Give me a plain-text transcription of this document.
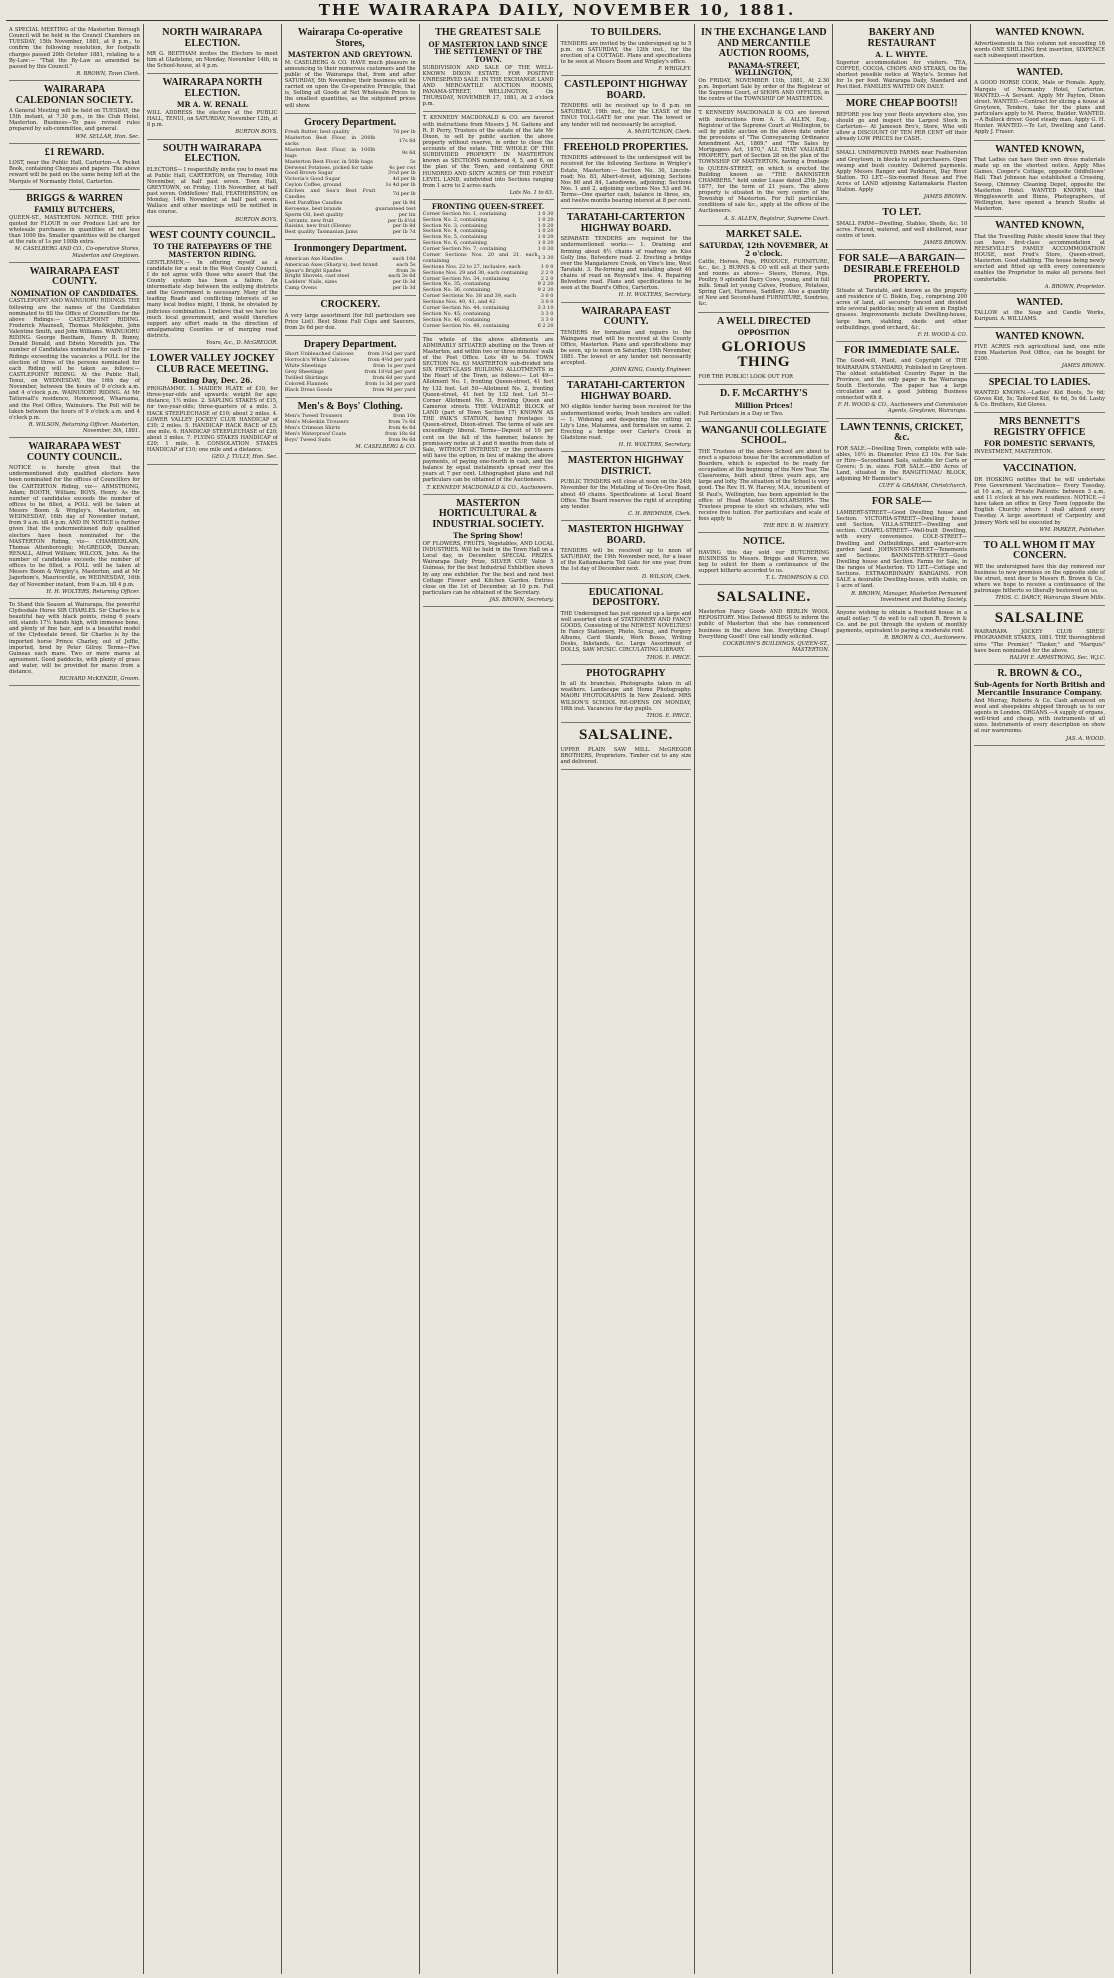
THE WAIRARAPA DAILY, NOVEMBER 10, 1881.

A SPECIAL MEETING of the Masterton Borough Council will be held in the Council Chambers on TUESDAY, 15th November, 1881, at 8 p.m., to confirm the following resolution, for footpath charges passed 20th October 1881, relating to a By-Law:— "That the By-Law as amended be passed by this Council."

R. BROWN, Town Clerk.
WAIRARAPA CALEDONIAN SOCIETY.

A General Meeting will be held on TUESDAY, the 15th instant, at 7.30 p.m., in the Club Hotel, Masterton. Business—To pass revised rules prepared by sub-committee, and general.

WM. SELLAR, Hon. Sec.
£1 REWARD.

LOST, near the Public Hall, Carterton—A Pocket Book, containing Cheques and papers. The above reward will be paid on the same being left at the Marquis of Normanby Hotel, Carterton.

BRIGGS & WARREN
FAMILY BUTCHERS,

QUEEN-ST., MASTERTON. NOTICE. THE price quoted for FLOUR in our Produce List are for wholesale purchases in quantities of not less than 1000 lbs. Smaller quantities will be charged at the rate of 1s per 100lb extra.

M. CASELBERG AND CO., Co-operative Stores, Masterton and Greytown.
WAIRARAPA EAST COUNTY.
NOMINATION OF CANDIDATES.

CASTLEPOINT AND WAINUIORU RIDINGS. THE following are the names of the Candidates nominated to fill the Office of Councillors for the above Ridings:— CASTLEPOINT RIDING. Frederick Maunsell, Thomas Meiklejohn, John Valentine Smith, and John Williams. WAINUIORU RIDING. George Beetham, Henry B. Bunny, Donald Donald, and Edwin Meredith jun. The number of Candidates nominated for each of the Ridings exceeding the vacancies a POLL for the election of three of the persons nominated for each Riding will be taken as follows:— CASTLEPOINT RIDING. At the Public Hall, Tenui, on WEDNESDAY, the 16th day of November, between the hours of 9 o'clock a.m. and 4 o'clock p.m. WAINUIORU RIDING. At Mr Tattersall's residence, Homewood, Whareama, and the Post Office, Wainuioru. The Poll will be taken between the hours of 9 o'clock a.m. and 4 o'clock p.m.

R. WILSON, Returning Officer. Masterton, November, 5th, 1881.
WAIRARAPA WEST COUNTY COUNCIL.

NOTICE is hereby given that the undermentioned duly qualified electors have been nominated for the offices of Councillors for the CARTERTON Riding, viz— ARMSTRONG, Adam; BOOTH, William; BOYS, Henry. As the number of candidates exceeds the number of offices to be filled, a POLL will be taken at Messrs Boom & Wrigley's, Masterton, on WEDNESDAY, 16th day of November instant, from 9 a.m. till 4 p.m. AND IN NOTICE is further given that the undermentioned duly qualified electors have been nominated for the MASTERTON Riding, viz— CHAMBERLAIN, Thomas Attenborough; McGREGOR, Duncan; RENALL, Alfred William; WILCOX, John. As the number of candidates exceeds the number of offices to be filled, a POLL will be taken at Messrs Boom & Wrigley's, Masterton, and at Mr Jagerbom's, Mauriceville, on WEDNESDAY, 16th day of November instant, from 9 a.m. till 4 p.m.

H. H. WOLTERS, Returning Officer.

To Stand this Season at Wairarapa, the powerful Clydesdale Horse SIR CHARLES. Sir Charles is a beautiful bay with black points, rising 6 years old, stands 17½ hands high, with immense bone, and plenty of fine hair, and is a beautiful model of the Clydesdale breed. Sir Charles is by the imported horse Prince Charley, out of Jeffie, imported, bred by Peter Gilroy. Terms—Five Guineas each mare. Two or more mares at agreement. Good paddocks, with plenty of grass and water, will be provided for mares from a distance.

RICHARD McKENZIE, Groom.
NORTH WAIRARAPA ELECTION.

MR G. BEETHAM invites the Electors to meet him at Gladstone, on Monday, November 14th, in the School-house, at 4 p.m.

WAIRARAPA NORTH ELECTION.
MR A. W. RENALL

WILL ADDRESS the electors at the PUBLIC HALL, TENUI, on SATURDAY, November 12th, at 8 p.m.

BURTON BOYS.
SOUTH WAIRARAPA ELECTION.

ELECTORS— I respectfully invite you to meet me at Public Hall, CARTERTON, on Thursday, 10th November, at half past seven. Town Hall, GREYTOWN, on Friday, 11th November, at half past seven. Oddfellows' Hall, FEATHERSTON, on Monday, 14th November, at half past seven. Wallace and other meetings will be notified in due course.

BURTON BOYS.
WEST COUNTY COUNCIL.
TO THE RATEPAYERS OF THE MASTERTON RIDING.

GENTLEMEN,— In offering myself as a candidate for a seat in the West County Council, I do not agree with those who assert that the County system has been a failure. An intermediate step between the outlying districts and the Government is necessary. Many of the leading Roads and conflicting interests of so many local bodies might, I think, be obviated by judicious combination. I believe that we have too much local government, and would therefore support any effort made in the direction of amalgamating Counties or of merging road districts.

Yours, &c., D. McGREGOR.
LOWER VALLEY JOCKEY CLUB RACE MEETING.
Boxing Day, Dec. 26.

PROGRAMME. 1. MAIDEN PLATE of £10, for three-year-olds and upwards; weight for age; distance, 1½ miles. 2. SAPLING STAKES of £15, for two-year-olds; three-quarters of a mile. 3. HACK STEEPLECHASE of £10; about 2 miles. 4. LOWER VALLEY JOCKEY CLUB HANDICAP of £30; 2 miles. 5. HANDICAP HACK RACE of £5; one mile. 6. HANDICAP STEEPLECHASE of £20; about 3 miles. 7. FLYING STAKES HANDICAP of £20; 1 mile. 8. CONSOLATION STAKES HANDICAP of £10; one mile and a distance.

GEO. J. TULLY, Hon. Sec.
Wairarapa Co-operative Stores,
MASTERTON AND GREYTOWN.

M. CASELBERG & CO. HAVE much pleasure in announcing to their numerous customers and the public of the Wairarapa that, from and after SATURDAY, 5th November, their business will be carried on upon the Co-operative Principle, that is, Selling all Goods at Net Wholesale Prices to the smallest quantities, as the subjoined prices will show.

Grocery Department.
Fresh Butter, best quality	7d per lb
Masterton Best Flour, in 200lb sacks	17s 6d
Masterton Best Flour, in 100lb bags	9s 6d
Masterton Best Flour, in 50lb bags	5s
Derwent Potatoes, picked for table	4s per cwt
Good Brown Sugar	3½d per lb
Victoria's Good Sugar	4d per lb
Ceylon Coffee, ground	1s 4d per lb
Kitchen and Sea's Best Fruit Candles	7d per lb
Best Paraffine Candles	per lb 9d
Kerosene, best brands	guaranteed test
Sperm Oil, best quality	per tin
Currants, new fruit	per lb 6½d
Raisins, new fruit (Eleme)	per lb 8d
Best quality Tasmanian Jams	per lb 7d
Ironmongery Department.
American Axe Handles	each 10d
American Axes (Sharp's), best brand	each 5s
Spear's Bright Spades	from 3s
Bright Shovels, cast steel	each 3s 6d
Ladders' Nails, sizes	per lb 3d
Camp Ovens	per lb 3d
CROCKERY.

A very large assortment (for full particulars see Price List). Best Stone Full Cups and Saucers, from 2s 6d per doz.

Drapery Department.
Short Unbleached Calicoes	from 3¼d per yard
Horrock's White Calicoes	from 4½d per yard
White Sheetings	from 1s per yard
Grey Sheetings	from 10½d per yard
Twilled Shirtings	from 6d per yard
Colored Flannels	from 1s 3d per yard
Black Dress Goods	from 9d per yard
Men's & Boys' Clothing.
Men's Tweed Trousers	from 10s
Men's Moleskin Trousers	from 7s 6d
Men's Crimean Shirts	from 4s 6d
Men's Waterproof Coats	from 18s 6d
Boys' Tweed Suits	from 9s 6d
M. CASELBERG & CO.
THE GREATEST SALE
OF MASTERTON LAND SINCE THE SETTLEMENT OF THE TOWN.

SUBDIVISION AND SALE OF THE WELL-KNOWN DIXON ESTATE. FOR POSITIVE UNRESERVED SALE. IN THE EXCHANGE LAND AND MERCANTILE AUCTION ROOMS, PANAMA-STREET, WELLINGTON, On THURSDAY, NOVEMBER 17, 1881, At 2 o'clock p.m.

T. KENNEDY MACDONALD & CO. are favored with instructions from Messrs J. M. Gaitens and R. P. Perry, Trustees of the estate of the late Mr Dixon, to sell by public auction the above property without reserve, in order to close the accounts of the estate. THE WHOLE OF THE SUBDIVIDED PROPERTY IN MASTERTON known as SECTIONS numbered 4, 5, and 6, on the plan of the Town, and containing ONE HUNDRED AND SIXTY ACRES OF THE FINEST LEVEL LAND, subdivided into Sections ranging from 1 acre to 2 acres each.

Lots No. 1 to 63.
FRONTING QUEEN-STREET.
Corner Section No. 1, containing	1 0 30
Section No. 2, containing	1 0 20
Section No. 3, containing	1 0 20
Section No. 4, containing	1 0 20
Section No. 5, containing	1 0 20
Section No. 6, containing	1 0 20
Corner Section No. 7, containing	1 0 30
Corner Sections Nos. 20 and 21, each containing	1 3 30
Sections Nos. 22 to 27, inclusive, each	1 0 0
Sections Nos. 29 and 30, each containing	2 2 0
Corner Section No. 34, containing	2 2 0
Section No. 35, containing	9 2 20
Section No. 36, containing	9 2 20
Corner Sections No. 38 and 39, each	3 0 0
Sections Nos. 40, 41, and 42	3 0 0
Corner Section No. 44, containing	3 3 10
Section No. 45, containing	3 3 0
Section No. 46, containing	3 3 0
Corner Section No. 48, containing	6 2 20

The whole of the above allotments are ADMIRABLY SITUATED abutting on the Town of Masterton, and within two or three minutes' walk of the Post Office. Lots 49 to 54. TOWN SECTION No. 63 MASTERTON sub-divided into SIX FIRST-CLASS BUILDING ALLOTMENTS in the Heart of the Town, as follows:— Lot 49—Allotment No. 1, fronting Queen-street, 41 feet by 132 feet. Lot 50—Allotment No. 2, fronting Queen-street, 41 feet by 132 feet. Lot 51—Corner Allotment No. 3, fronting Queen and Cameron streets. THE VALUABLE BLOCK of LAND (part of Town Section 17) KNOWN AS THE PAIK'S STATION, having frontages to Queen-street, Dixon-street. The terms of sale are exceedingly liberal. Terms—Deposit of 10 per cent on the fall of the hammer, balance by promissory notes at 3 and 6 months from date of Sale, WITHOUT INTEREST; or the purchasers will have the option, in lieu of making the above payments, of paying one-fourth in cash, and the balance by equal instalments spread over five years at 7 per cent. Lithographed plans and full particulars can be obtained of the Auctioneers.

T. KENNEDY MACDONALD & CO., Auctioneers.
MASTERTON HORTICULTURAL & INDUSTRIAL SOCIETY.
The Spring Show!

OF FLOWERS, FRUITS, Vegetables, AND LOCAL INDUSTRIES. Will be held in the Town Hall on a Local day, in December. SPECIAL PRIZES. Wairarapa Daily Prize, SILVER CUP, Value 5 Guineas, for the best Industrial Exhibition shown by any one exhibitor. For the best and next best Cottage Flower and Kitchen Garden. Entries close on the 1st of December, at 10 p.m. Full particulars can be obtained of the Secretary.

JAS. BROWN, Secretary.
TO BUILDERS.

TENDERS are invited by the undersigned up to 5 p.m. on SATURDAY, the 12th inst., for the erection of a COTTAGE. Plans and specifications to be seen at Messrs Boom and Wrigley's office.

F. WRIGLEY.
CASTLEPOINT HIGHWAY BOARD.

TENDERS will be received up to 8 p.m. on SATURDAY, 19th inst., for the LEASE of the TINUI TOLL-GATE for one year. The lowest or any tender will not necessarily be accepted.

A. McHUTCHON, Clerk.
FREEHOLD PROPERTIES.

TENDERS addressed to the undersigned will be received for the following Sections in Wrigley's Estate, Masterton:— Section No. 30, Lincoln-road; No. 83, Albert-street, adjoining; Sections Nos 80 and 84, Lansdowne, adjoining; Sections Nos. 1 and 2, adjoining sections Nos 53 and 54. Terms—One quarter cash, balance in three, six, and twelve months bearing interest at 8 per cent.

TARATAHI-CARTERTON HIGHWAY BOARD.

SEPARATE TENDERS are required for the undermentioned works:— 1. Draining and forming about 6½ chains of roadway on Kiss Gully line, Belvedere road. 2. Erecting a bridge over the Mangatarere Creek, on Vine's line, West Taratahi. 3. Re-forming and metalling about 40 chains of road on Reynold's line. 4. Repairing Belvedere road. Plans and specifications to be seen at the Board's Office, Carterton.

H. H. WOLTERS, Secretary.
WAIRARAPA EAST COUNTY.

TENDERS for formation and repairs to the Waingawa road will be received at the County Office, Masterton. Plans and specifications may be seen, up to noon on Saturday, 19th November, 1881. The lowest or any tender not necessarily accepted.

JOHN KING, County Engineer.
TARATAHI-CARTERTON HIGHWAY BOARD.

NO eligible tender having been received for the undermentioned works, fresh tenders are called:— 1. Widening and deepening the cutting on Lily's Line, Matamwa, and formation on same. 2. Erecting a bridge over Carter's Creek in Gladstone road.

H. H. WOLTERS, Secretary.
MASTERTON HIGHWAY DISTRICT.

PUBLIC TENDERS will close at noon on the 24th November for the Metalling of Te-Ore-Ore Road, about 40 chains. Specifications at Local Board Office. The Board reserves the right of accepting any tender.

C. H. BREMNER, Clerk.
MASTERTON HIGHWAY BOARD.

TENDERS will be received up to noon of SATURDAY, the 19th November next, for a lease of the Kaitamakaria Toll Gate for one year, from the 1st day of December next.

D. WILSON, Clerk.
EDUCATIONAL DEPOSITORY.

THE Undersigned has just opened up a large and well assorted stock of STATIONERY AND FANCY GOODS, Consisting of the NEWEST NOVELTIES! In Fancy Stationery, Photo, Scrap, and Forgery Albums, Card Stands, Work Boxes, Writing Desks, Inkstands, &c. Large Assortment of DOLLS, SAW MUSIC. CIRCULATING LIBRARY.

THOS. E. PRICE.
PHOTOGRAPHY

In all its branches. Photographs taken in all weathers. Landscape and Home Photography. MAORI PHOTOGRAPHS In New Zealand. MRS WILSON'S SCHOOL RE-OPENS ON MONDAY, 18th inst. Vacancies for day pupils.

THOS. E. PRICE.
SALSALINE.

UPPER PLAIN SAW MILL. McGREGOR BROTHERS, Proprietors. Timber cut to any size and delivered.

IN THE EXCHANGE LAND AND MERCANTILE AUCTION ROOMS,
PANAMA-STREET, WELLINGTON,

On FRIDAY, NOVEMBER 11th, 1881, At 2.30 p.m. Important Sale by order of the Registrar of the Supreme Court, of SHOPS AND OFFICES, in the centre of the TOWNSHIP OF MASTERTON.

T. KENNEDY MACDONALD & CO. are favored with instructions from A. S. ALLEN, Esq., Registrar of the Supreme Court at Wellington, to sell by public auction on the above date under the provisions of "The Conveyancing Ordinance Amendment Act, 1869," and "The Sales by Mortgagees Act, 1870," ALL THAT VALUABLE PROPERTY, part of Section 28 on the plan of the TOWNSHIP OF MASTERTON, having a frontage to QUEEN-STREET, on which is erected the Building known as "THE BANNISTER CHAMBERS," held under Lease dated 25th July, 1877, for the term of 21 years. The above property is situated in the very centre of the Township of Masterton. For full particulars, conditions of sale &c., apply at the offices of the Auctioneers.

A. S. ALLEN, Registrar, Supreme Court.
MARKET SALE.
SATURDAY, 12th NOVEMBER, At 2 o'clock.

Cattle, Horses, Pigs, PRODUCE, FURNITURE, &c., &c. J. BURNS & CO will sell at their yards and rooms as above— Steers, Horses, Pigs, Poultry, 9 splendid Dairy Cows, young, and in full milk. Small lot young Calves, Produce, Potatoes, Spring Cart, Harness, Saddlery. Also a quantity of New and Second-hand FURNITURE, Sundries, &c.

A WELL DIRECTED
OPPOSITION
GLORIOUS THING

FOR THE PUBLIC! LOOK OUT FOR

D. F. McCARTHY'S
Million Prices!

Full Particulars in a Day or Two.

WANGANUI COLLEGIATE SCHOOL.

THE Trustees of the above School are about to erect a spacious house for the accommodation of Boarders, which is expected to be ready for occupation at the beginning of the New Year. The Classrooms, built about three years ago, are large and lofty. The situation of the School is very good. The Rev. H. W. Harvey, M.A., incumbent of St Paul's, Wellington, has been appointed to the office of Head Master. SCHOLARSHIPS. The Trustees propose to elect six scholars, who will receive free tuition. For particulars and scale of fees apply to

THE REV. B. W. HARVEY.
NOTICE.

HAVING this day sold our BUTCHERING BUSINESS to Messrs. Briggs and Warren, we beg to solicit for them a continuance of the support hitherto accorded to us.

T. L. THOMPSON & CO.
SALSALINE.

Masterton Fancy Goods AND BERLIN WOOL REPOSITORY. Miss Delwood BEGS to inform the public of Masterton that she has commenced business in the above line. Everything Cheap! Everything Good!! One call kindly solicited.

COCKBURN'S BUILDINGS, QUEEN-ST., MASTERTON.
BAKERY AND RESTAURANT
A. L. WHYTE.

Superior accommodation for visitors. TEA, COFFEE, COCOA. CHOPS AND STEAKS, On the shortest possible notice at Whyte's. Scones fed for 1s per feed. Wairarapa Daily, Standard and Post filed. FAMILIES WAITED ON DAILY.

MORE CHEAP BOOTS!!

BEFORE you buy your Boots anywhere else, you should go and inspect the Largest Stock in Carterton— At Jameson Bro's, Store, Who will allow a DISCOUNT OF TEN PER CENT off their already LOW PRICES for CASH.

SMALL UNIMPROVED FARMS near Featherston and Greytown, in blocks to suit purchasers. Open swamp and bush country. Deferred payments. Apply Messrs Ranger and Parkhurst, Day River Station. TO LET.—Six-roomed House and Five Acres of LAND adjoining Kaitamakaria Flaxton Station. Apply

JAMES BROWN.
TO LET.

SMALL FARM—Dwelling, Stables, Sheds, &c. 10 acres. Fenced, watered, and well sheltered, near centre of town.

JAMES BROWN.
FOR SALE—A BARGAIN—DESIRABLE FREEHOLD PROPERTY.

Situate at Taratahi, and known as the property and residence of C. Biskin, Esq., comprising 200 acres of land, all securely fenced and divided into several paddocks; nearly all sown in English grasses. Improvements include Dwelling-house, large barn, stabling, sheds and other outbuildings, good orchard, &c.

F. H. WOOD & CO.
FOR IMMEDIATE SALE.

The Good-will, Plant, and Copyright of THE WAIRARAPA STANDARD, Published in Greytown. The oldest established Country Paper in the Province, and the only paper in the Wairarapa South Electorate. The paper has a large circulation and a good Jobbing Business connected with it.

F. H. WOOD & CO., Auctioneers and Commission Agents, Greytown, Wairarapa.
LAWN TENNIS, CRICKET, &c.

FOR SALE.—Dwelling Town, complete with sale-ables, 10½ in. Diameter. Price £3 10s. For Sale or Hire—Secondhand Sails, suitable for Carts or Covers; 5 in. sizes. FOR SALE.—850 Acres of Land, situated in the RANGITUMAU BLOCK, adjoining Mr Bannister's.

CUFF & GRAHAM, Christchurch.
FOR SALE—

LAMBERT-STREET—Good Dwelling house and Section. VICTORIA-STREET—Dwelling house and Section. VILLA-STREET—Dwelling and section. CHAPEL-STREET—Well-built Dwelling, with every convenience. COLE-STREET—Dwelling and Outbuildings, and quarter-acre garden land. JOHNSTON-STREET—Tenements and Sections. BANNISTER-STREET—Good Dwelling house and Section. Farms for Sale, in the ranges of Masterton. TO LET.—Cottage and Sections. EXTRAORDINARY BARGAINS. FOR SALE a desirable Dwelling-house, with stable, on 1 acre of land.

R. BROWN, Manager, Masterton Permanent Investment and Building Society.

Anyone wishing to obtain a freehold house in a small outlay: "I do well to call upon R. Brown & Co. and be put through the system of monthly payments, equivalent to paying a moderate rent.

R. BROWN & CO., Auctioneers.
WANTED KNOWN.

Advertisements in this column not exceeding 16 words ONE SHILLING first insertion, SIXPENCE each subsequent insertion.

WANTED.

A GOOD HORSE COOK, Male or Female. Apply, Marquis of Normanby Hotel, Carterton. WANTED.—A Servant. Apply Mr Payton, Dixon street. WANTED.—Contract for slicing a house at Greytown, Tenders, take for the plans and particulars apply to M. Pierce, Builder. WANTED.—A Bullock driver. Good steady man. Apply G. H. Hunter. WANTED.—To Let, Dwelling and Land. Apply J. Fraser.

WANTED KNOWN,

That Ladies can have their own dress materials made up on the shortest notice. Apply Miss Gaines, Cooper's Cottage, opposite Oddfellows' Hall. That Johnson has established a Crossing, Sweep, Chimney Cleaning Depot, opposite the Masterton Hotel. WANTED KNOWN, that Wrigglesworth and Binns, Photographers, of Wellington, have opened a branch Studio at Masterton.

WANTED KNOWN,

That the Travelling Public should know that they can have first-class accommodation at REESEVILLE'S FAMILY ACCOMMODATION HOUSE, next Fred's Store, Queen-street, Masterton. Good stabling. The house being newly erected and fitted up with every convenience enables the Proprietor to make all persons feel comfortable.

A. BROWN, Proprietor.
WANTED.

TALLOW at the Soap and Candle Works, Kuripuni. A. WILLIAMS.

WANTED KNOWN.

FIVE ACRES rich agricultural land, one mile from Masterton Post Office, can be bought for £200.

JAMES BROWN.
SPECIAL TO LADIES.

WANTED KNOWN.—Ladies' Kid Boots, 5s 6d; Gloves Kid, 5s; Tailored Kid, 4s 6d, 5s 6d. Lashy & Co. Brothers, Kid Gloves.

MRS BENNETT'S REGISTRY OFFICE
FOR DOMESTIC SERVANTS,

INVESTMENT, MASTERTON.

VACCINATION.

DR HOSKING notifies that he will undertake Free Government Vaccination— Every Tuesday, at 10 a.m., at Private Patients: between 3 a.m. and 11 o'clock at his own residence. NOTICE.—I have taken an office in Grey Town (opposite the English Church) where I shall attend every Tuesday. A large assortment of Carpentry and Joinery Work will be executed by

WM. PARKER, Publisher.
TO ALL WHOM IT MAY CONCERN.

WE the undersigned have this day removed our business to new premises on the opposite side of the street, next door to Messrs R. Brown & Co., where we hope to receive a continuance of the patronage hitherto so liberally bestowed on us.

THOS. C. DARCY, Wairarapa Steam Mills.
SALSALINE

WAIRARAPA JOCKEY CLUB SIRES! PROGRAMME STAKES, 1881. THE thoroughbred sires "The Premier," "Tasker," and "Marquis" have been nominated for the above.

RALPH E. ARMSTRONG, Sec. W.J.C.
R. BROWN & CO.,
Sub-Agents for North British and Mercantile Insurance Company.

And Murray, Roberts & Co. Cash advanced on wool and sheepskins shipped through us to our agents in London. ORGANS.—A supply of organs, well-tried and cheap, with instruments of all sizes. Instruments of every description on show at our warerooms.

JAS. A. WOOD.
